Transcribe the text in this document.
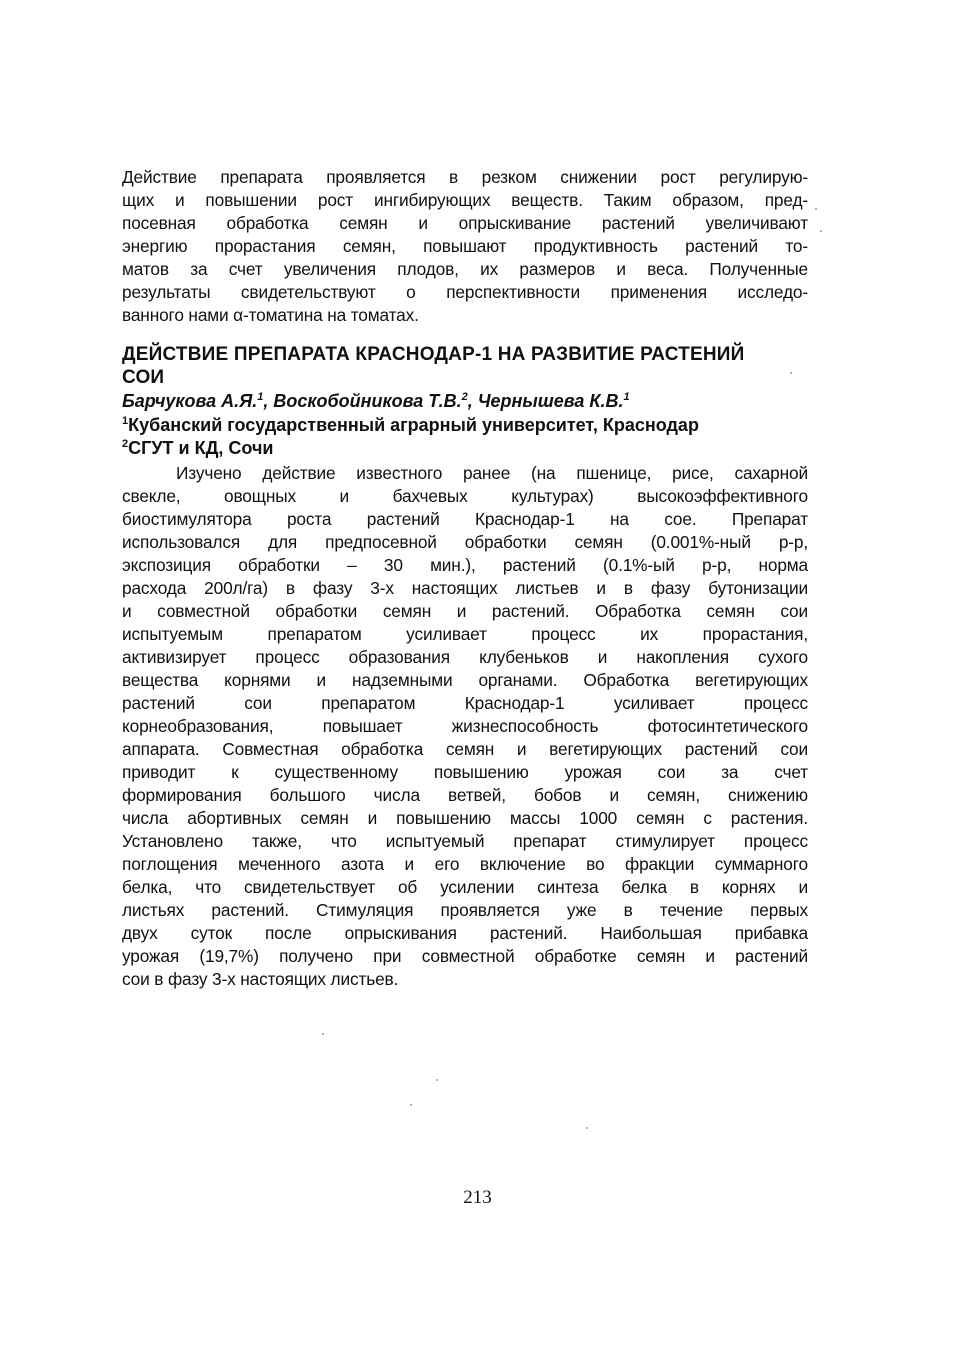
Действие препарата проявляется в резком снижении рост регулирую-
щих и повышении рост ингибирующих веществ. Таким образом, пред-
посевная обработка семян и опрыскивание растений увеличивают
энергию прорастания семян, повышают продуктивность растений то-
матов за счет увеличения плодов, их размеров и веса. Полученные
результаты свидетельствуют о перспективности применения исследо-
ванного нами α-томатина на томатах.
ДЕЙСТВИЕ ПРЕПАРАТА КРАСНОДАР-1 НА РАЗВИТИЕ РАСТЕНИЙ
СОИ
Барчукова А.Я.$^1$, Воскобойникова Т.В.$^2$, Чернышева К.В.$^1$
$^1$Кубанский государственный аграрный университет, Краснодар
$^2$СГУТ и КД, Сочи
Изучено действие известного ранее (на пшенице, рисе, сахарной
свекле, овощных и бахчевых культурах) высокоэффективного
биостимулятора роста растений Краснодар-1 на сое. Препарат
использовался для предпосевной обработки семян (0.001%-ный р-р,
экспозиция обработки – 30 мин.), растений (0.1%-ый р-р, норма
расхода 200л/га) в фазу 3-х настоящих листьев и в фазу бутонизации
и совместной обработки семян и растений. Обработка семян сои
испытуемым препаратом усиливает процесс их прорастания,
активизирует процесс образования клубеньков и накопления сухого
вещества корнями и надземными органами. Обработка вегетирующих
растений сои препаратом Краснодар-1 усиливает процесс
корнеобразования, повышает жизнеспособность фотосинтетического
аппарата. Совместная обработка семян и вегетирующих растений сои
приводит к существенному повышению урожая сои за счет
формирования большого числа ветвей, бобов и семян, снижению
числа абортивных семян и повышению массы 1000 семян с растения.
Установлено также, что испытуемый препарат стимулирует процесс
поглощения меченного азота и его включение во фракции суммарного
белка, что свидетельствует об усилении синтеза белка в корнях и
листьях растений. Стимуляция проявляется уже в течение первых
двух суток после опрыскивания растений. Наибольшая прибавка
урожая (19,7%) получено при совместной обработке семян и растений
сои в фазу 3-х настоящих листьев.
213
